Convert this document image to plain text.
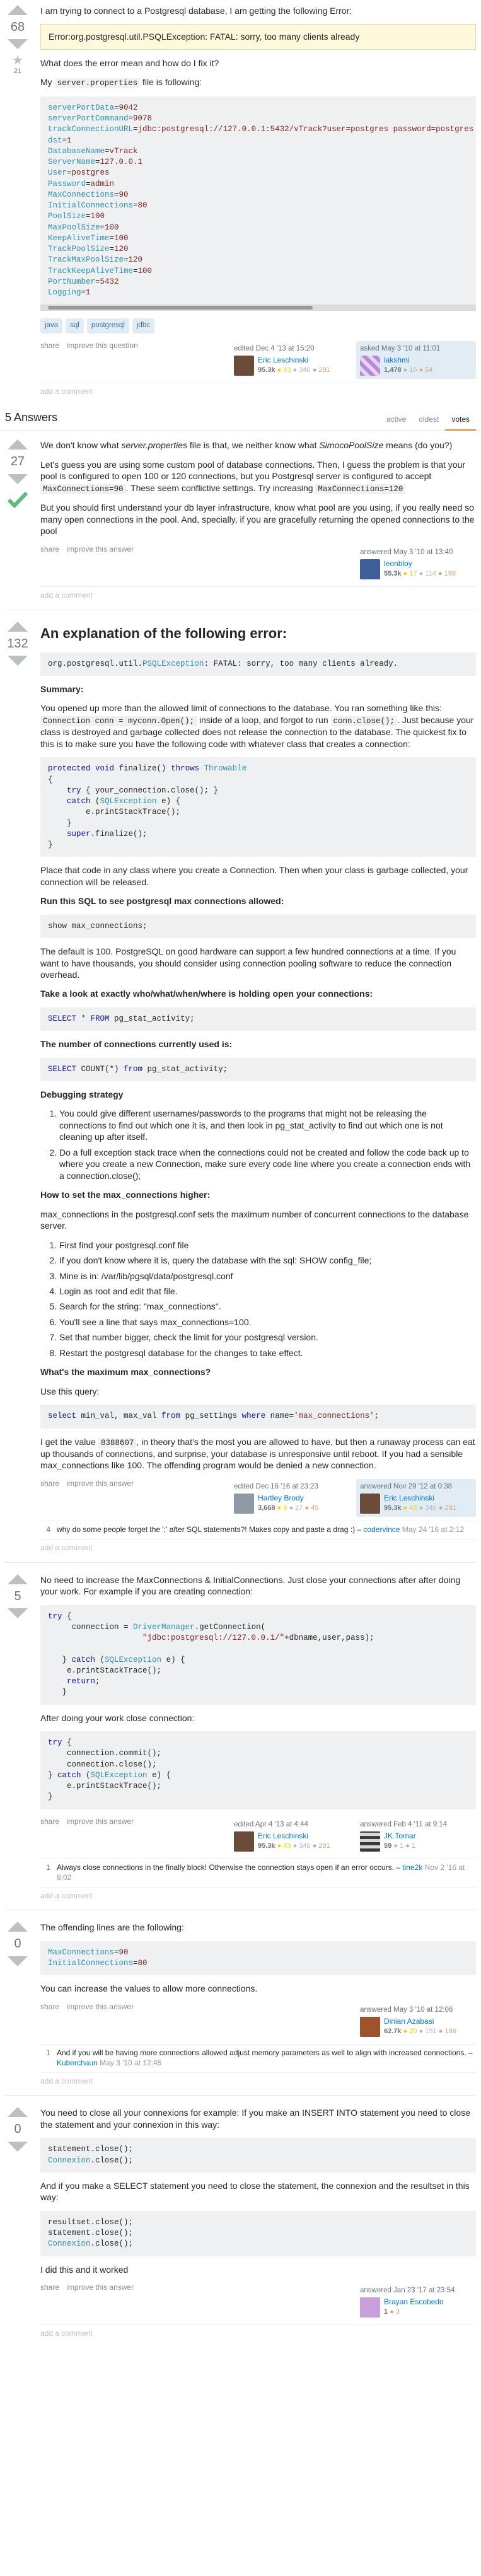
68
★
21

I am trying to connect to a Postgresql database, I am getting the following Error:

Error:org.postgresql.util.PSQLException: FATAL: sorry, too many clients already

What does the error mean and how do I fix it?

My server.properties file is following:

serverPortData=9042
serverPortCommand=9078
trackConnectionURL=jdbc:postgresql://127.0.0.1:5432/vTrack?user=postgres password=postgres
dst=1
DatabaseName=vTrack
ServerName=127.0.0.1
User=postgres
Password=admin
MaxConnections=90
InitialConnections=80
PoolSize=100
MaxPoolSize=100
KeepAliveTime=100
TrackPoolSize=120
TrackMaxPoolSize=120
TrackKeepAliveTime=100
PortNumber=5432
Logging=1
java	sql	postgresql	jdbc
share improve this question	edited Dec 4 '13 at 15:20
Eric Leschinski
95.3k ● 43 ● 340 ● 291
asked May 3 '10 at 11:01
lakshmi
1,478 ● 16 ● 54
add a comment
5 Answers	active	oldest	votes
27

We don't know what server.properties file is that, we neither know what SimocoPoolSize means (do you?)

Let's guess you are using some custom pool of database connections. Then, I guess the problem is that your pool is configured to open 100 or 120 connections, but you Postgresql server is configured to accept MaxConnections=90 . These seem conflictive settings. Try increasing MaxConnections=120

But you should first understand your db layer infrastructure, know what pool are you using, if you really need so many open connections in the pool. And, specially, if you are gracefully returning the opened connections to the pool

share improve this answer	answered May 3 '10 at 13:40
leonbloy
55.3k ● 17 ● 114 ● 198
add a comment
132
An explanation of the following error:
org.postgresql.util.PSQLException: FATAL: sorry, too many clients already.
Summary:

You opened up more than the allowed limit of connections to the database. You ran something like this: Connection conn = myconn.Open(); inside of a loop, and forgot to run conn.close(); . Just because your class is destroyed and garbage collected does not release the connection to the database. The quickest fix to this is to make sure you have the following code with whatever class that creates a connection:

protected void finalize() throws Throwable
{
try { your_connection.close(); }
catch (SQLException e) {
e.printStackTrace();
}
super.finalize();
}

Place that code in any class where you create a Connection. Then when your class is garbage collected, your connection will be released.

Run this SQL to see postgresql max connections allowed:
show max_connections;

The default is 100. PostgreSQL on good hardware can support a few hundred connections at a time. If you want to have thousands, you should consider using connection pooling software to reduce the connection overhead.

Take a look at exactly who/what/when/where is holding open your connections:
SELECT * FROM pg_stat_activity;
The number of connections currently used is:
SELECT COUNT(*) from pg_stat_activity;
Debugging strategy
1. You could give different usernames/passwords to the programs that might not be releasing the connections to find out which one it is, and then look in pg_stat_activity to find out which one is not cleaning up after itself.
2. Do a full exception stack trace when the connections could not be created and follow the code back up to where you create a new Connection, make sure every code line where you create a connection ends with a connection.close();
How to set the max_connections higher:

max_connections in the postgresql.conf sets the maximum number of concurrent connections to the database server.

1. First find your postgresql.conf file
2. If you don't know where it is, query the database with the sql: SHOW config_file;
3. Mine is in: /var/lib/pgsql/data/postgresql.conf
4. Login as root and edit that file.
5. Search for the string: "max_connections".
6. You'll see a line that says max_connections=100.
7. Set that number bigger, check the limit for your postgresql version.
8. Restart the postgresql database for the changes to take effect.
What's the maximum max_connections?

Use this query:

select min_val, max_val from pg_settings where name='max_connections';

I get the value 8388607 , in theory that's the most you are allowed to have, but then a runaway process can eat up thousands of connections, and surprise, your database is unresponsive until reboot. If you had a sensible max_connections like 100. The offending program would be denied a new connection.

share improve this answer	edited Dec 16 '16 at 23:23
Hartley Brody
3,668 ● 9 ● 27 ● 45
answered Nov 29 '12 at 0:38
Eric Leschinski
95.3k ● 43 ● 340 ● 291
4 why do some people forget the ';' after SQL statements?! Makes copy and paste a drag :) – codervince May 24 '16 at 2:12
add a comment
5

No need to increase the MaxConnections & InitialConnections. Just close your connections after after doing your work. For example if you are creating connection:

try {
connection = DriverManager.getConnection(
"jdbc:postgresql://127.0.0.1/"+dbname,user,pass);

} catch (SQLException e) {
e.printStackTrace();
return;
}

After doing your work close connection:

try {
connection.commit();
connection.close();
} catch (SQLException e) {
e.printStackTrace();
}
share improve this answer	edited Apr 4 '13 at 4:44
Eric Leschinski
95.3k ● 43 ● 340 ● 291
answered Feb 4 '11 at 9:14
JK.Tomar
59 ● 1 ● 1
1 Always close connections in the finally block! Otherwise the connection stays open if an error occurs. – tine2k Nov 2 '16 at 8:02
add a comment
0

The offending lines are the following:

MaxConnections=90
InitialConnections=80

You can increase the values to allow more connections.

share improve this answer	answered May 3 '10 at 12:06
Dinian Azabasi
62.7k ● 20 ● 151 ● 186
1 And if you will be having more connections allowed adjust memory parameters as well to align with increased connections. – Kuberchaun May 3 '10 at 12:45
add a comment
0

You need to close all your connexions for example: If you make an INSERT INTO statement you need to close the statement and your connexion in this way:

statement.close();
Connexion.close();

And if you make a SELECT statement you need to close the statement, the connexion and the resultset in this way:

resultset.close();
statement.close();
Connexion.close();

I did this and it worked

share improve this answer	answered Jan 23 '17 at 23:54
Brayan Escobedo
1 ● 3
add a comment
